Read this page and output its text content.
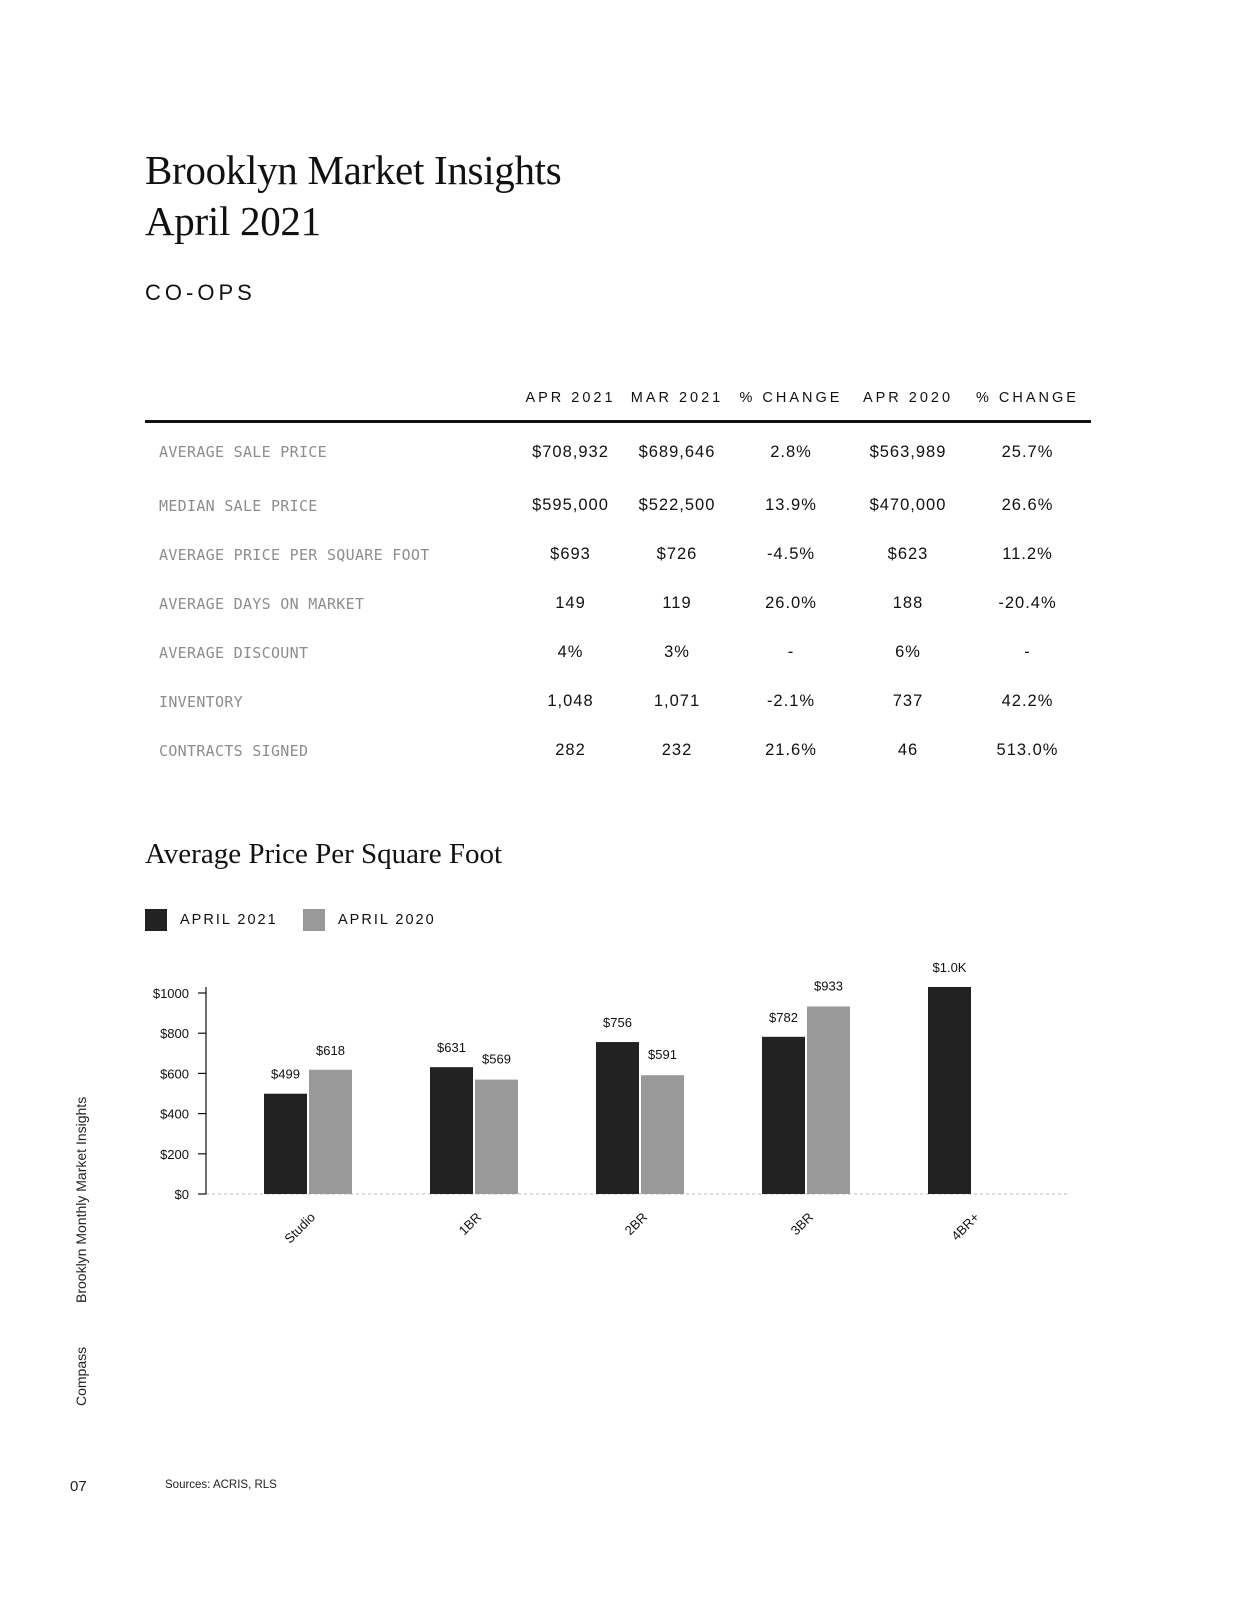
Brooklyn Market Insights
April 2021
CO-OPS
	APR 2021	MAR 2021	% CHANGE	APR 2020	% CHANGE
AVERAGE SALE PRICE	$708,932	$689,646	2.8%	$563,989	25.7%
MEDIAN SALE PRICE	$595,000	$522,500	13.9%	$470,000	26.6%
AVERAGE PRICE PER SQUARE FOOT	$693	$726	-4.5%	$623	11.2%
AVERAGE DAYS ON MARKET	149	119	26.0%	188	-20.4%
AVERAGE DISCOUNT	4%	3%	-	6%	-
INVENTORY	1,048	1,071	-2.1%	737	42.2%
CONTRACTS SIGNED	282	232	21.6%	46	513.0%
Average Price Per Square Foot
APRIL 2021	APRIL 2020
$0
$200
$400
$600
$800
$1000
$499
$618
Studio
$631
$569
1BR
$756
$591
2BR
$782
$933
3BR
$1.0K
4BR+
Brooklyn Monthly Market Insights
Compass
07	Sources: ACRIS, RLS
